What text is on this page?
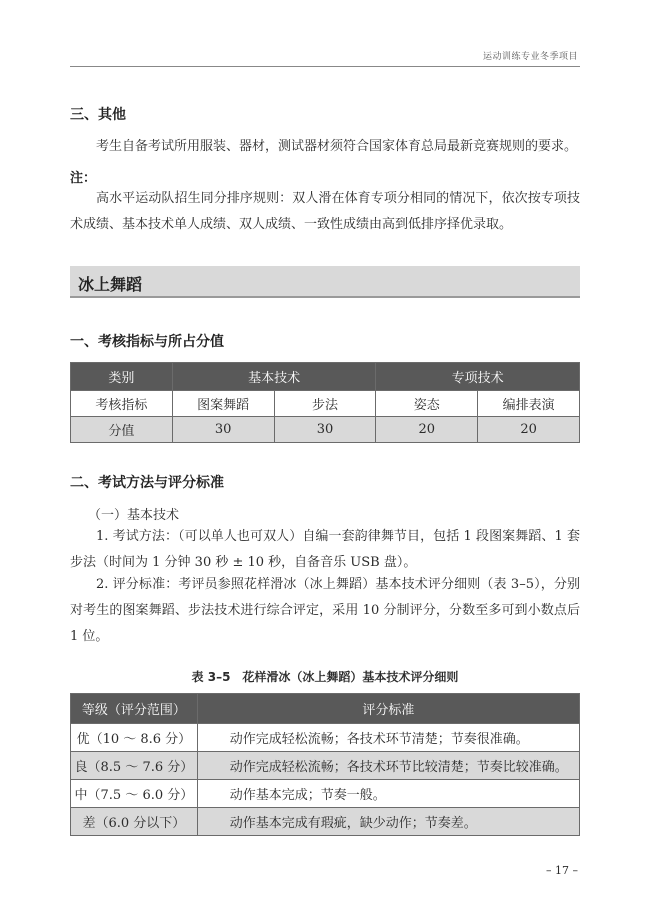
运动训练专业冬季项目
三、其他
考生自备考试所用服装、器材，测试器材须符合国家体育总局最新竞赛规则的要求。
注：
高水平运动队招生同分排序规则：双人滑在体育专项分相同的情况下，依次按专项技术成绩、基本技术单人成绩、双人成绩、一致性成绩由高到低排序择优录取。
冰上舞蹈
一、考核指标与所占分值
类别	基本技术		专项技术	
考核指标	图案舞蹈	步法	姿态	编排表演
分值	30	30	20	20
二、考试方法与评分标准
（一）基本技术
1. 考试方法：（可以单人也可双人）自编一套韵律舞节目，包括 1 段图案舞蹈、1 套步法（时间为 1 分钟 30 秒 ± 10 秒，自备音乐 USB 盘）。
2. 评分标准：考评员参照花样滑冰（冰上舞蹈）基本技术评分细则（表 3–5），分别对考生的图案舞蹈、步法技术进行综合评定，采用 10 分制评分，分数至多可到小数点后 1 位。
表 3–5　花样滑冰（冰上舞蹈）基本技术评分细则
等级（评分范围）	评分标准
优（10 ～ 8.6 分）	动作完成轻松流畅；各技术环节清楚；节奏很准确。
良（8.5 ～ 7.6 分）	动作完成轻松流畅；各技术环节比较清楚；节奏比较准确。
中（7.5 ～ 6.0 分）	动作基本完成；节奏一般。
差（6.0 分以下）	动作基本完成有瑕疵，缺少动作；节奏差。
– 17 –
